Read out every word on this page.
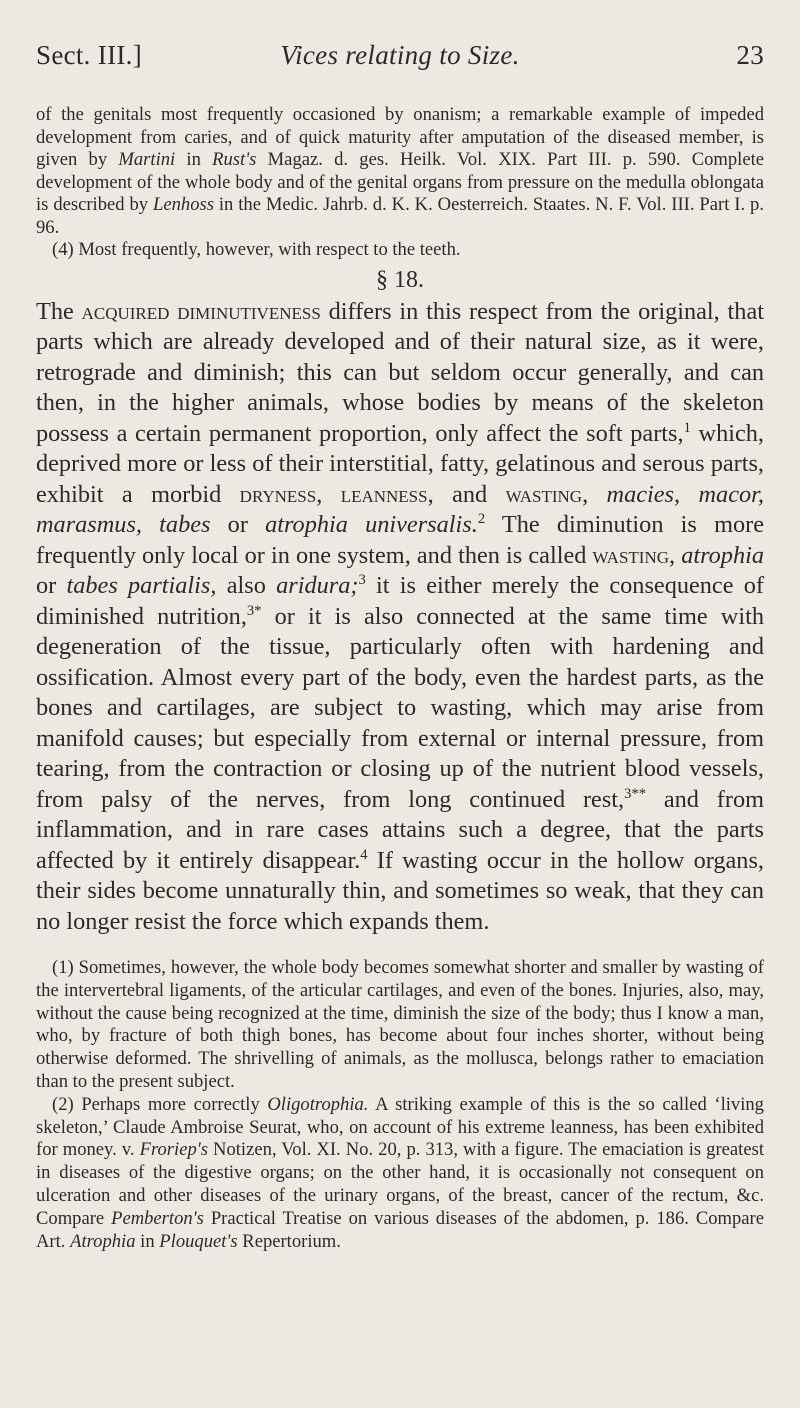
Sect. III.]	Vices relating to Size.	23

of the genitals most frequently occasioned by onanism; a remarkable example of impeded development from caries, and of quick maturity after amputation of the diseased member, is given by Martini in Rust's Magaz. d. ges. Heilk. Vol. XIX. Part III. p. 590. Complete development of the whole body and of the genital organs from pressure on the medulla oblongata is described by Lenhoss in the Medic. Jahrb. d. K. K. Oesterreich. Staates. N. F. Vol. III. Part I. p. 96.

(4) Most frequently, however, with respect to the teeth.

§ 18.

The acquired diminutiveness differs in this respect from the original, that parts which are already developed and of their natural size, as it were, retrograde and diminish; this can but seldom occur generally, and can then, in the higher animals, whose bodies by means of the skeleton possess a certain permanent proportion, only affect the soft parts,$^1$ which, deprived more or less of their interstitial, fatty, gelatinous and serous parts, exhibit a morbid dryness, leanness, and wasting, macies, macor, marasmus, tabes or atrophia universalis.$^2$ The diminution is more frequently only local or in one system, and then is called wasting, atrophia or tabes partialis, also aridura;$^3$ it is either merely the consequence of diminished nutrition,$^{3*}$ or it is also connected at the same time with degeneration of the tissue, particularly often with hardening and ossification. Almost every part of the body, even the hardest parts, as the bones and cartilages, are subject to wasting, which may arise from manifold causes; but especially from external or internal pressure, from tearing, from the contraction or closing up of the nutrient blood vessels, from palsy of the nerves, from long continued rest,$^{3**}$ and from inflammation, and in rare cases attains such a degree, that the parts affected by it entirely disappear.$^4$ If wasting occur in the hollow organs, their sides become unnaturally thin, and sometimes so weak, that they can no longer resist the force which expands them.

(1) Sometimes, however, the whole body becomes somewhat shorter and smaller by wasting of the intervertebral ligaments, of the articular cartilages, and even of the bones. Injuries, also, may, without the cause being recognized at the time, diminish the size of the body; thus I know a man, who, by fracture of both thigh bones, has become about four inches shorter, without being otherwise deformed. The shrivelling of animals, as the mollusca, belongs rather to emaciation than to the present subject.

(2) Perhaps more correctly Oligotrophia. A striking example of this is the so called ‘living skeleton,’ Claude Ambroise Seurat, who, on account of his extreme leanness, has been exhibited for money. v. Froriep's Notizen, Vol. XI. No. 20, p. 313, with a figure. The emaciation is greatest in diseases of the digestive organs; on the other hand, it is occasionally not consequent on ulceration and other diseases of the urinary organs, of the breast, cancer of the rectum, &c. Compare Pemberton's Practical Treatise on various diseases of the abdomen, p. 186. Compare Art. Atrophia in Plouquet's Repertorium.
